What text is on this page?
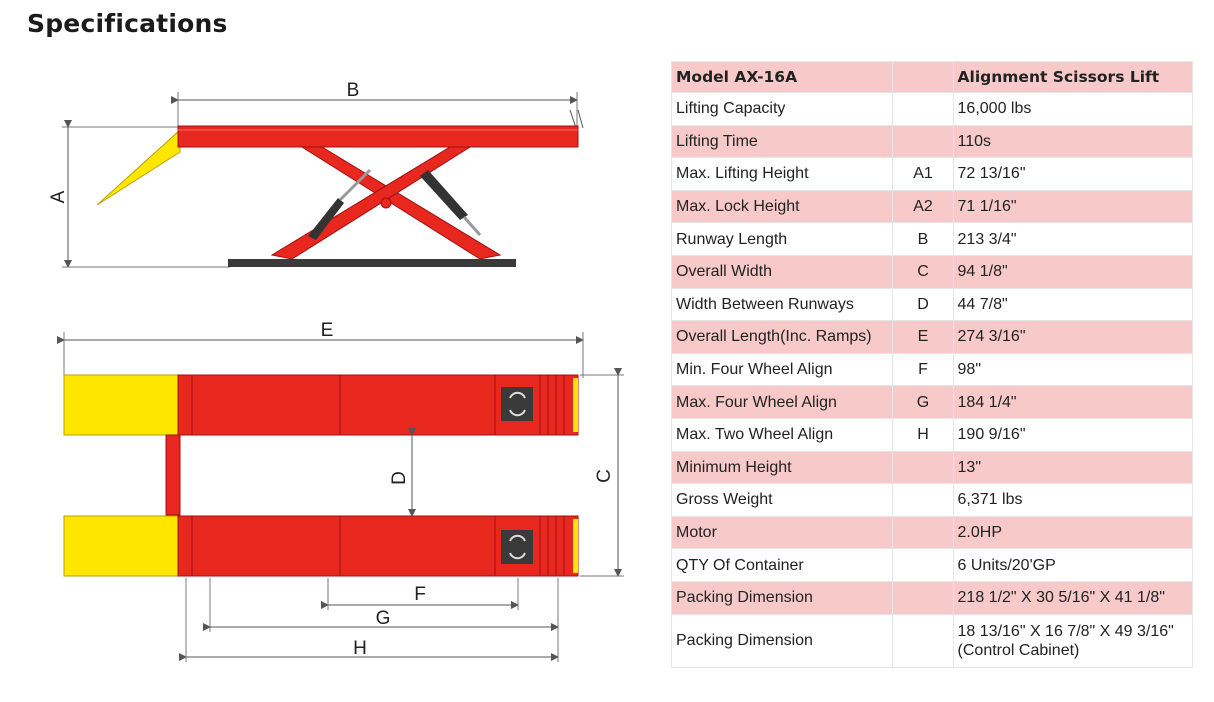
Specifications
B
A
E
D	C
F
G
H
Model AX-16A		Alignment Scissors Lift
Lifting Capacity		16,000 lbs
Lifting Time		110s
Max. Lifting Height	A1	72 13/16"
Max. Lock Height	A2	71 1/16"
Runway Length	B	213 3/4"
Overall Width	C	94 1/8"
Width Between Runways	D	44 7/8"
Overall Length(Inc. Ramps)	E	274 3/16"
Min. Four Wheel Align	F	98"
Max. Four Wheel Align	G	184 1/4"
Max. Two Wheel Align	H	190 9/16"
Minimum Height		13"
Gross Weight		6,371 lbs
Motor		2.0HP
QTY Of Container		6 Units/20'GP
Packing Dimension		218 1/2" X 30 5/16" X 41 1/8"
Packing Dimension		18 13/16" X 16 7/8" X 49 3/16"
(Control Cabinet)
